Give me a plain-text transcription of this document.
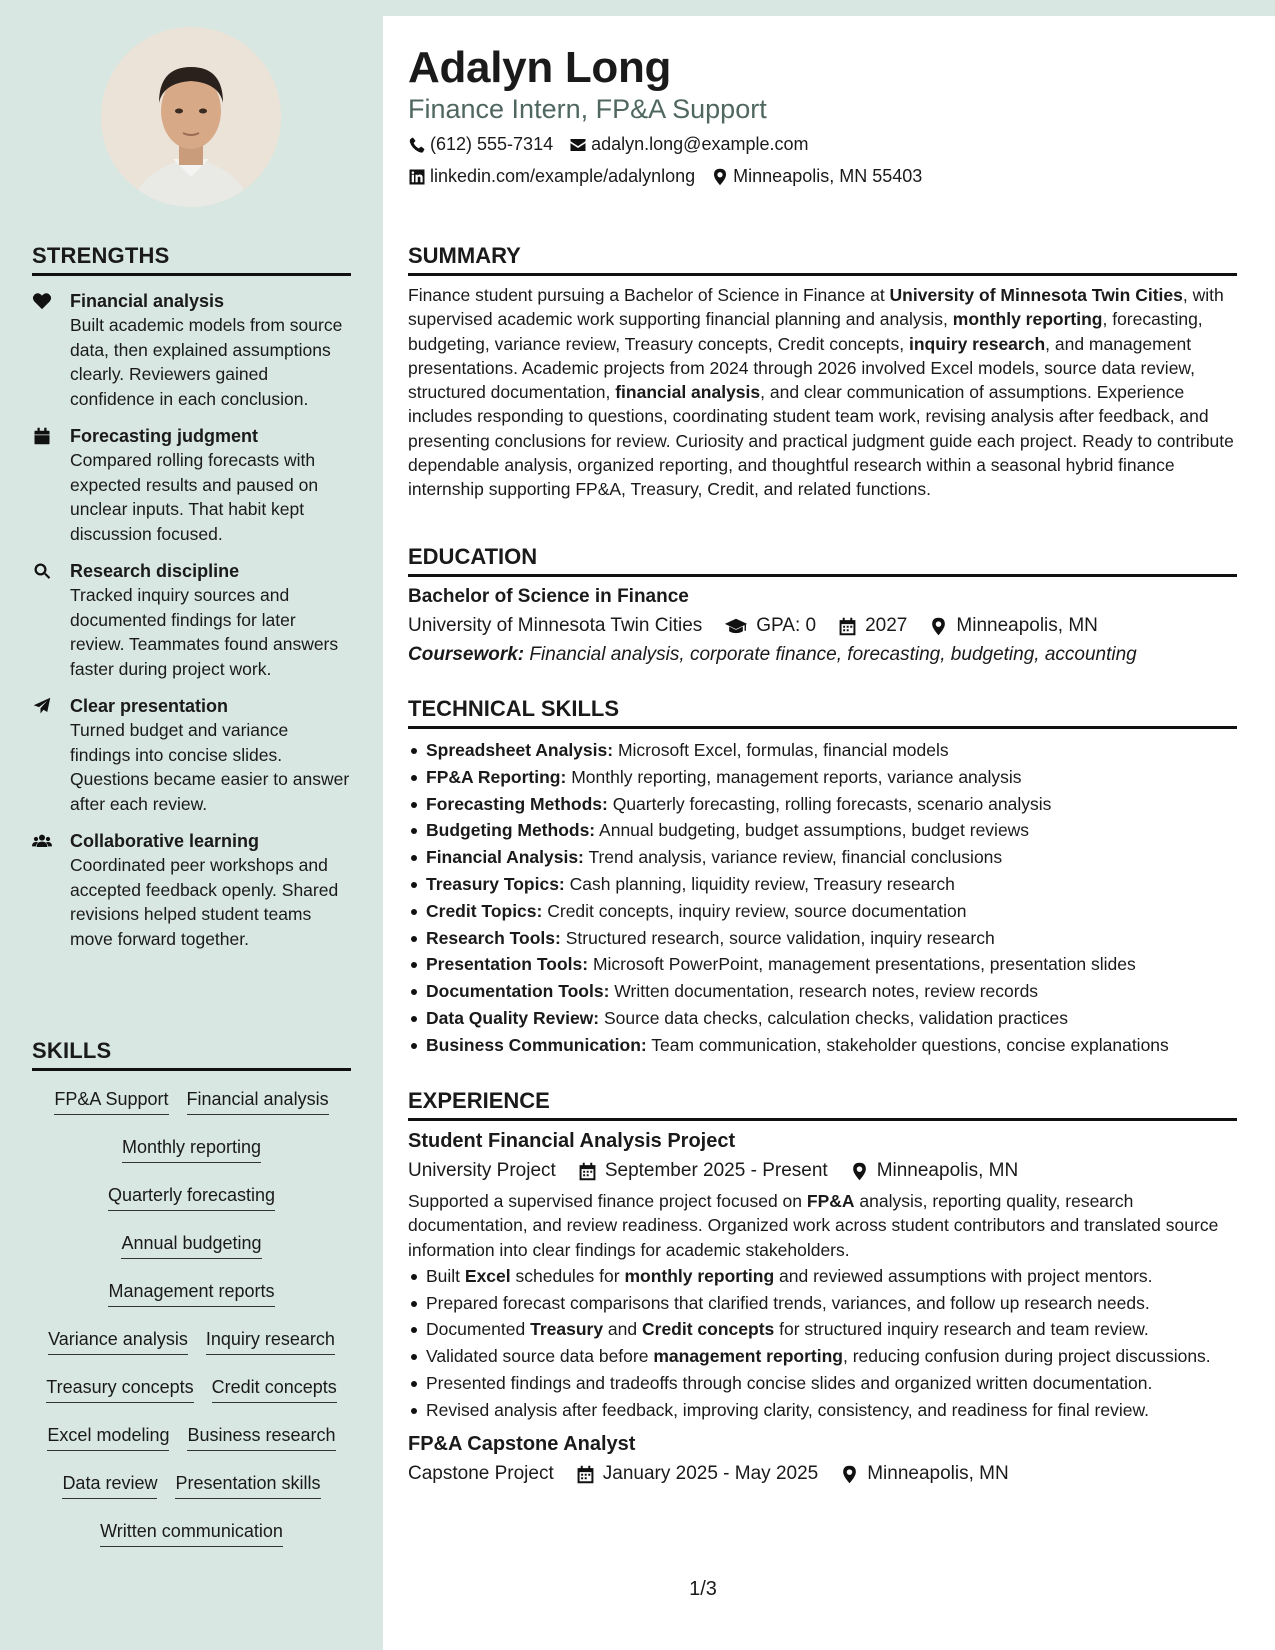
STRENGTHS
Financial analysis
Built academic models from source data, then explained assumptions clearly. Reviewers gained confidence in each conclusion.
Forecasting judgment
Compared rolling forecasts with expected results and paused on unclear inputs. That habit kept discussion focused.
Research discipline
Tracked inquiry sources and documented findings for later review. Teammates found answers faster during project work.
Clear presentation
Turned budget and variance findings into concise slides. Questions became easier to answer after each review.
Collaborative learning
Coordinated peer workshops and accepted feedback openly. Shared revisions helped student teams move forward together.
SKILLS
FP&A Support Financial analysis
Monthly reporting
Quarterly forecasting
Annual budgeting
Management reports
Variance analysis Inquiry research
Treasury concepts Credit concepts
Excel modeling Business research
Data review Presentation skills
Written communication
Adalyn Long
Finance Intern, FP&A Support
(612) 555-7314 adalyn.long@example.com
linkedin.com/example/adalynlong Minneapolis, MN 55403
SUMMARY

Finance student pursuing a Bachelor of Science in Finance at University of Minnesota Twin Cities, with supervised academic work supporting financial planning and analysis, monthly reporting, forecasting, budgeting, variance review, Treasury concepts, Credit concepts, inquiry research, and management presentations. Academic projects from 2024 through 2026 involved Excel models, source data review, structured documentation, financial analysis, and clear communication of assumptions. Experience includes responding to questions, coordinating student team work, revising analysis after feedback, and presenting conclusions for review. Curiosity and practical judgment guide each project. Ready to contribute dependable analysis, organized reporting, and thoughtful research within a seasonal hybrid finance internship supporting FP&A, Treasury, Credit, and related functions.

EDUCATION
Bachelor of Science in Finance
University of Minnesota Twin Cities	GPA: 0	2027	Minneapolis, MN
Coursework: Financial analysis, corporate finance, forecasting, budgeting, accounting
TECHNICAL SKILLS
Spreadsheet Analysis: Microsoft Excel, formulas, financial models
FP&A Reporting: Monthly reporting, management reports, variance analysis
Forecasting Methods: Quarterly forecasting, rolling forecasts, scenario analysis
Budgeting Methods: Annual budgeting, budget assumptions, budget reviews
Financial Analysis: Trend analysis, variance review, financial conclusions
Treasury Topics: Cash planning, liquidity review, Treasury research
Credit Topics: Credit concepts, inquiry review, source documentation
Research Tools: Structured research, source validation, inquiry research
Presentation Tools: Microsoft PowerPoint, management presentations, presentation slides
Documentation Tools: Written documentation, research notes, review records
Data Quality Review: Source data checks, calculation checks, validation practices
Business Communication: Team communication, stakeholder questions, concise explanations
EXPERIENCE
Student Financial Analysis Project
University Project	September 2025 - Present	Minneapolis, MN

Supported a supervised finance project focused on FP&A analysis, reporting quality, research documentation, and review readiness. Organized work across student contributors and translated source information into clear findings for academic stakeholders.

Built Excel schedules for monthly reporting and reviewed assumptions with project mentors.
Prepared forecast comparisons that clarified trends, variances, and follow up research needs.
Documented Treasury and Credit concepts for structured inquiry research and team review.
Validated source data before management reporting, reducing confusion during project discussions.
Presented findings and tradeoffs through concise slides and organized written documentation.
Revised analysis after feedback, improving clarity, consistency, and readiness for final review.
FP&A Capstone Analyst
Capstone Project	January 2025 - May 2025	Minneapolis, MN
1/3
